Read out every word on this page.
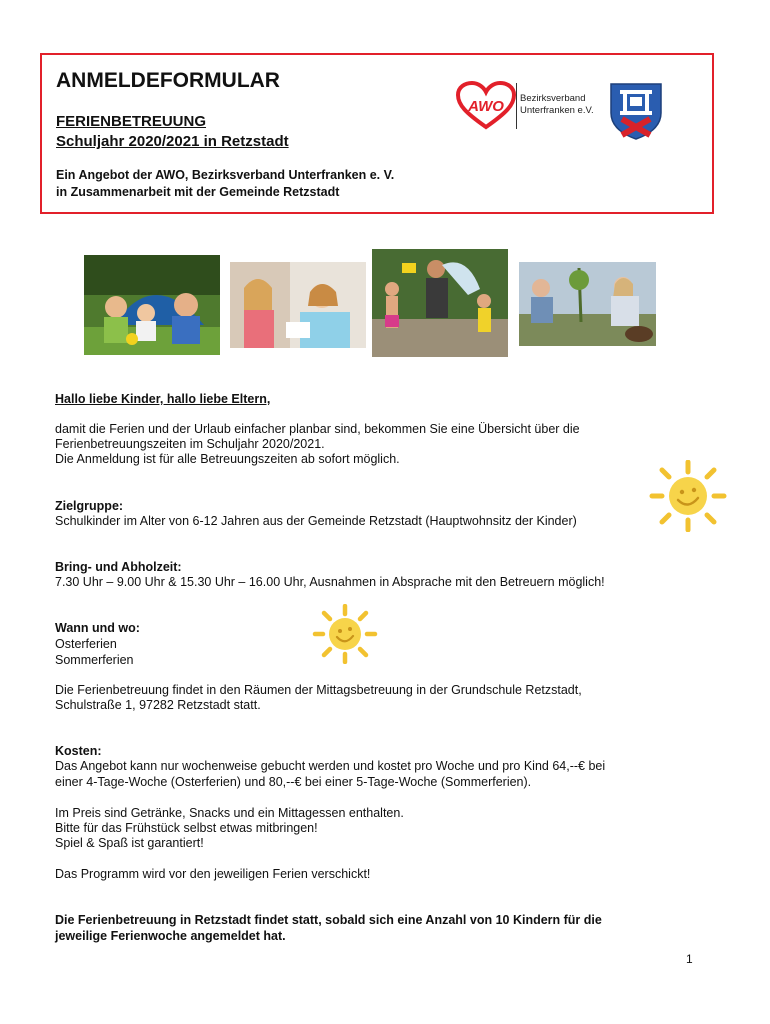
ANMELDEFORMULAR
FERIENBETREUUNG
Schuljahr 2020/2021 in Retzstadt
Ein Angebot der AWO, Bezirksverband Unterfranken e. V.
in Zusammenarbeit mit der Gemeinde Retzstadt
AWO Bezirksverband
Unterfranken e.V.
Hallo liebe Kinder, hallo liebe Eltern,
damit die Ferien und der Urlaub einfacher planbar sind, bekommen Sie eine Übersicht über die
Ferienbetreuungszeiten im Schuljahr 2020/2021.
Die Anmeldung ist für alle Betreuungszeiten ab sofort möglich.
Zielgruppe:
Schulkinder im Alter von 6-12 Jahren aus der Gemeinde Retzstadt (Hauptwohnsitz der Kinder)
Bring- und Abholzeit:
7.30 Uhr – 9.00 Uhr & 15.30 Uhr – 16.00 Uhr, Ausnahmen in Absprache mit den Betreuern möglich!
Wann und wo:
Osterferien
Sommerferien
Die Ferienbetreuung findet in den Räumen der Mittagsbetreuung in der Grundschule Retzstadt,
Schulstraße 1, 97282 Retzstadt statt.
Kosten:
Das Angebot kann nur wochenweise gebucht werden und kostet pro Woche und pro Kind 64,--€ bei
einer 4-Tage-Woche (Osterferien) und 80,--€ bei einer 5-Tage-Woche (Sommerferien).
Im Preis sind Getränke, Snacks und ein Mittagessen enthalten.
Bitte für das Frühstück selbst etwas mitbringen!
Spiel & Spaß ist garantiert!
Das Programm wird vor den jeweiligen Ferien verschickt!
Die Ferienbetreuung in Retzstadt findet statt, sobald sich eine Anzahl von 10 Kindern für die
jeweilige Ferienwoche angemeldet hat.
1
